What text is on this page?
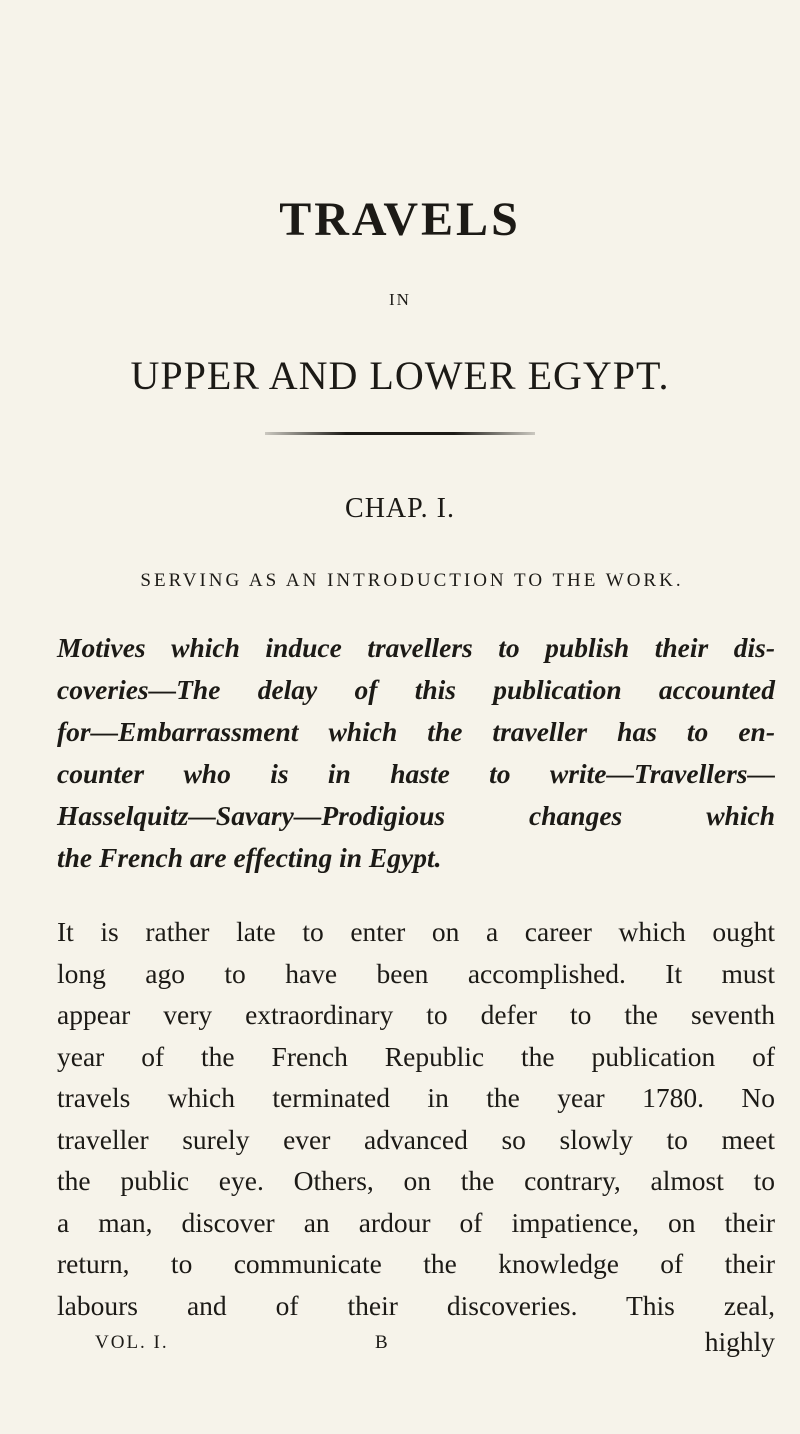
TRAVELS
IN
UPPER AND LOWER EGYPT.
CHAP. I.
SERVING AS AN INTRODUCTION TO THE WORK.
Motives which induce travellers to publish their dis-
coveries—The delay of this publication accounted
for—Embarrassment which the traveller has to en-
counter who is in haste to write—Travellers—
Hasselquitz—Savary—Prodigious changes which
the French are effecting in Egypt.
It is rather late to enter on a career which ought
long ago to have been accomplished. It must
appear very extraordinary to defer to the seventh
year of the French Republic the publication of
travels which terminated in the year 1780. No
traveller surely ever advanced so slowly to meet
the public eye. Others, on the contrary, almost to
a man, discover an ardour of impatience, on their
return, to communicate the knowledge of their
labours and of their discoveries. This zeal,
VOL. I.	B	highly
